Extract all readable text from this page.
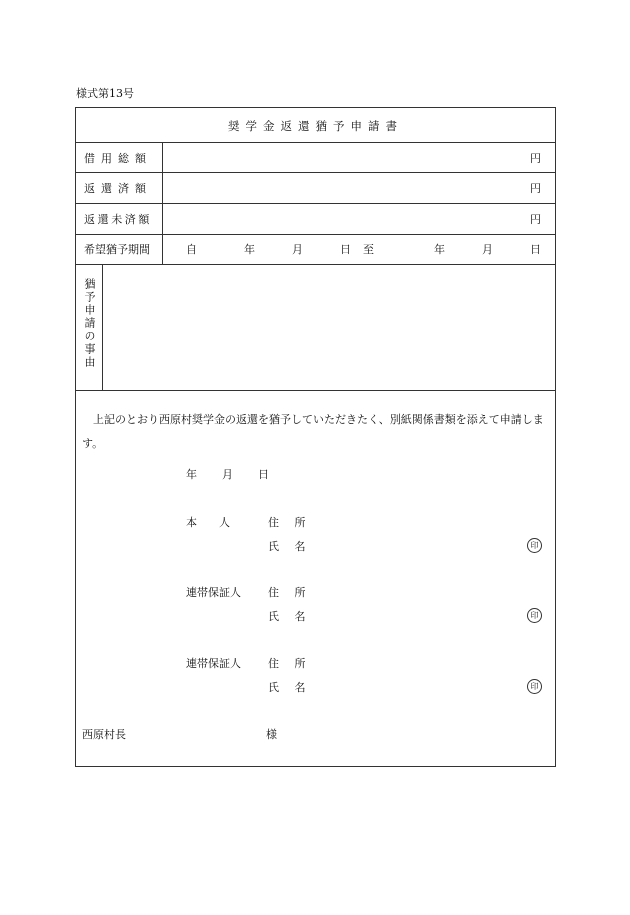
様式第13号
奨学金返還猶予申請書
借用総額	円
返還済額	円
返還未済額	円
希望猶予期間	自	年	月	日 至	年	月	日
猶予申請の事由
上記のとおり西原村奨学金の返還を猶予していただきたく、別紙関係書類を添えて申請します。
年 月 日
本　　人	住 所
氏 名	印
連帯保証人 住 所
氏 名	印
連帯保証人 住 所
氏 名	印
西原村長	様
